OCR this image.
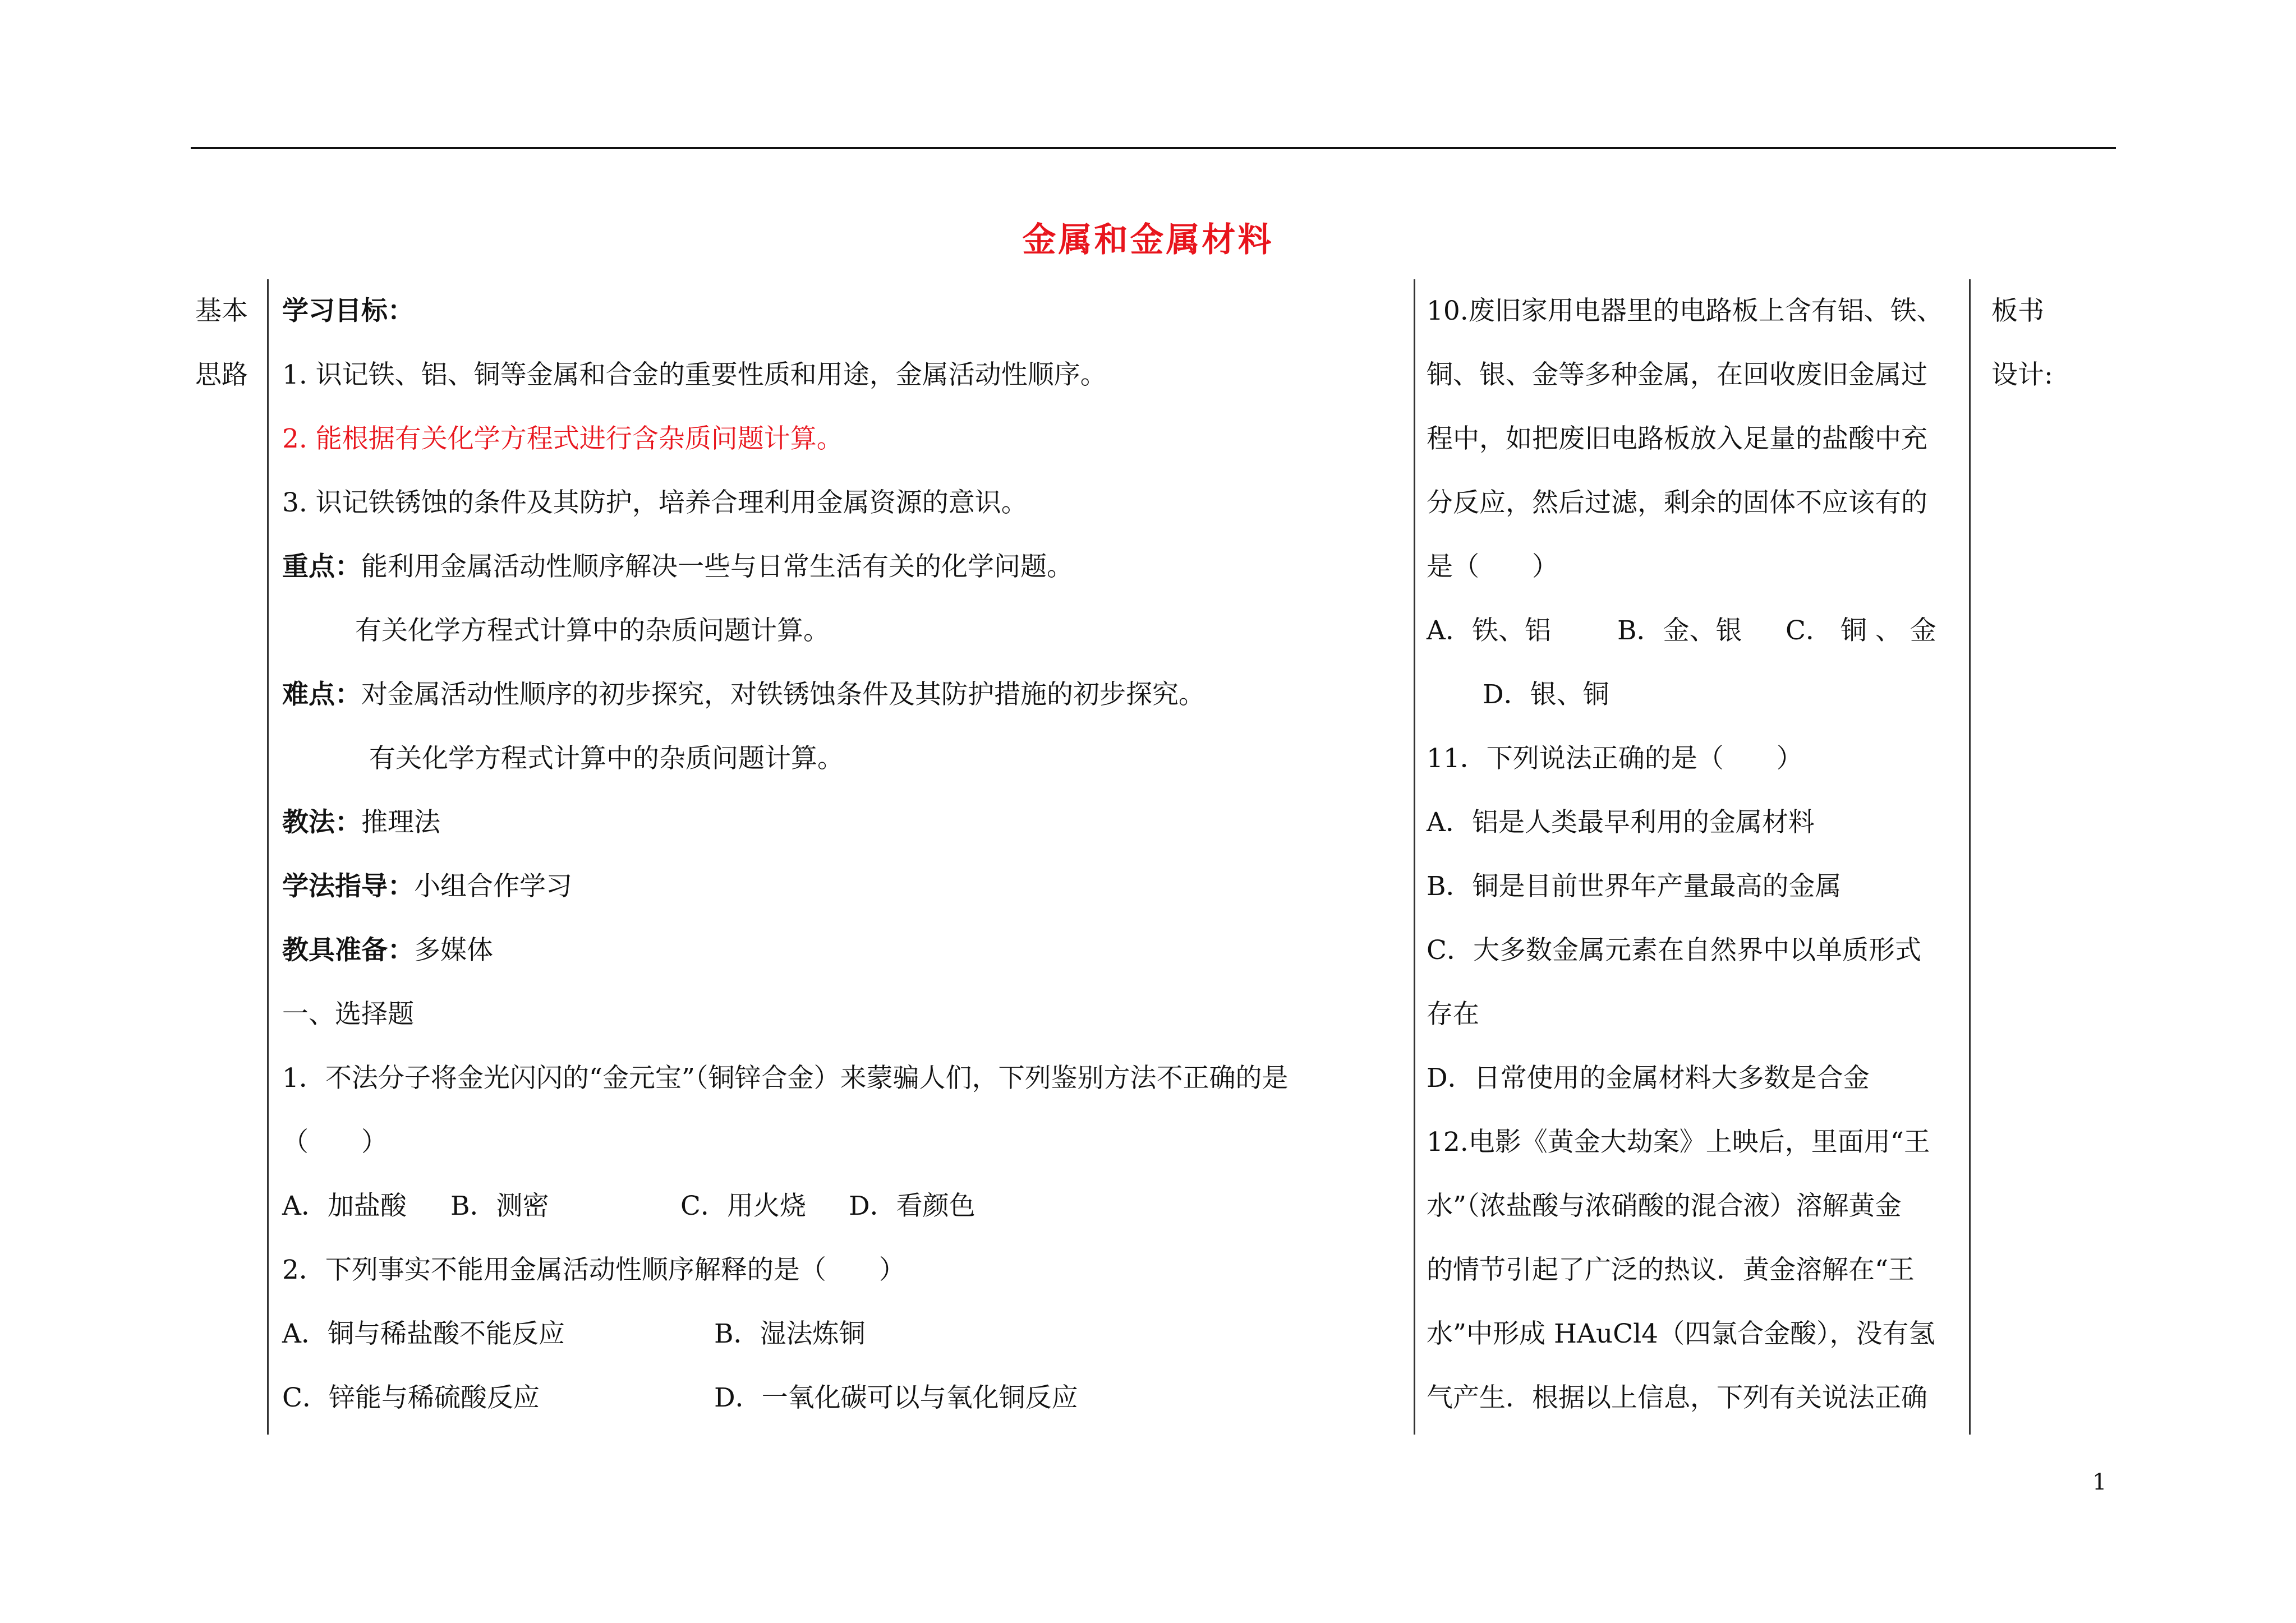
金属和金属材料
基本
思路
学习目标：
1. 识记铁、铝、铜等金属和合金的重要性质和用途，金属活动性顺序。
2. 能根据有关化学方程式进行含杂质问题计算。
3. 识记铁锈蚀的条件及其防护，培养合理利用金属资源的意识。
重点：能利用金属活动性顺序解决一些与日常生活有关的化学问题。
有关化学方程式计算中的杂质问题计算。
难点：对金属活动性顺序的初步探究，对铁锈蚀条件及其防护措施的初步探究。
有关化学方程式计算中的杂质问题计算。
教法：推理法
学法指导：小组合作学习
教具准备：多媒体
一、选择题
1．不法分子将金光闪闪的“金元宝”（铜锌合金）来蒙骗人们，下列鉴别方法不正确的是
（　　）
A．加盐酸 B．测密	C．用火烧 D．看颜色
2．下列事实不能用金属活动性顺序解释的是（　　）
A．铜与稀盐酸不能反应	B．湿法炼铜
C．锌能与稀硫酸反应	D．一氧化碳可以与氧化铜反应
10.废旧家用电器里的电路板上含有铝、铁、
铜、银、金等多种金属，在回收废旧金属过
程中，如把废旧电路板放入足量的盐酸中充
分反应，然后过滤，剩余的固体不应该有的
是（　　）
A．铁、铝	B．金、银 C． 铜 、 金
D．银、铜
11．下列说法正确的是（　　）
A．铝是人类最早利用的金属材料
B．铜是目前世界年产量最高的金属
C．大多数金属元素在自然界中以单质形式
存在
D．日常使用的金属材料大多数是合金
12.电影《黄金大劫案》上映后，里面用“王
水”（浓盐酸与浓硝酸的混合液）溶解黄金
的情节引起了广泛的热议．黄金溶解在“王
水”中形成 HAuCl4（四氯合金酸），没有氢
气产生．根据以上信息，下列有关说法正确
板书
设计:
1
